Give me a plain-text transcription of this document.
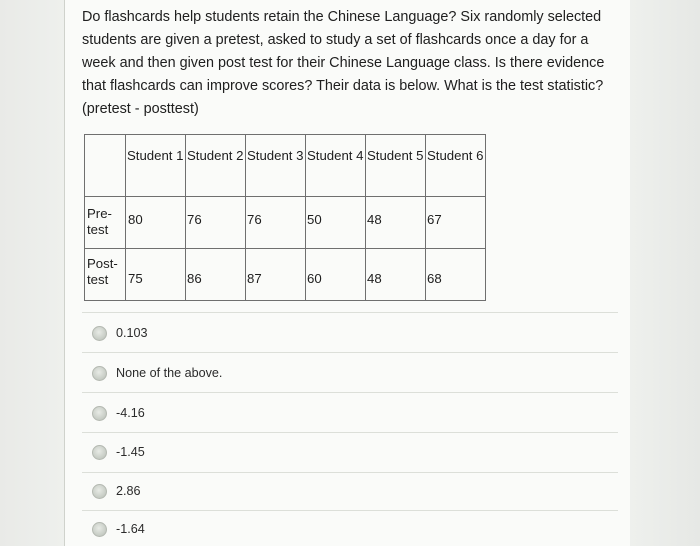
Do flashcards help students retain the Chinese Language? Six randomly selected students are given a pretest, asked to study a set of flashcards once a day for a week and then given post test for their Chinese Language class. Is there evidence that flashcards can improve scores? Their data is below. What is the test statistic?(pretest - posttest)

	Student 1	Student 2	Student 3	Student 4	Student 5	Student 6

Pre-test	80	76	76	50	48	67

Post-test	75	86	87	60	48	68
0.103
None of the above.
-4.16
-1.45
2.86
-1.64
